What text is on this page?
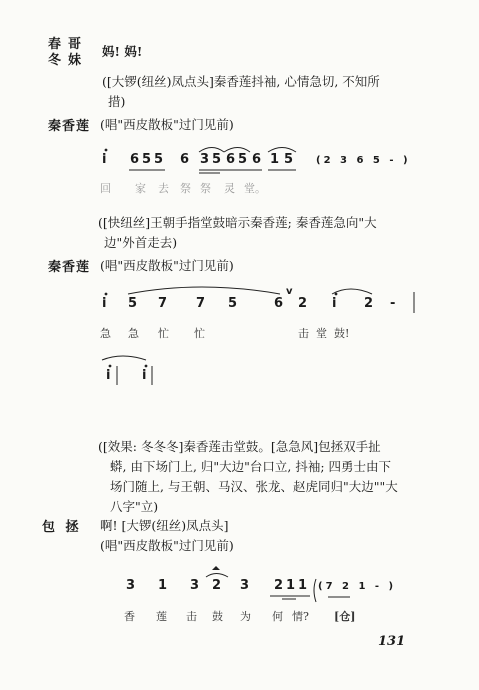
春 哥
冬 妹
妈! 妈!
([大锣(纽丝)凤点头]秦香莲抖袖, 心情急切, 不知所
措)
秦香莲 (唱"西皮散板"过门见前)
i 6 5 5 6 3 5 6 5 6 1 5 (2 3 6 5 - )
回 家 去 祭 祭 灵 堂。
([快纽丝]王朝手指堂鼓暗示秦香莲; 秦香莲急向"大
边"外首走去)
秦香莲 (唱"西皮散板"过门见前)
i 5 7 7 5	6 2 i 2 -
v
急 急 忙 忙	击 堂 鼓!
i i
([效果: 冬冬冬]秦香莲击堂鼓。[急急风]包拯双手扯
蟒, 由下场门上, 归"大边"台口立, 抖袖; 四勇士由下
场门随上, 与王朝、马汉、张龙、赵虎同归"大边""大
八字"立)
包 拯 啊! [大锣(纽丝)凤点头]
(唱"西皮散板"过门见前)
3 1 3 2 3 2 1 1 (7 2 1 - )
香 莲 击 鼓 为 何 情? [仓]
131
